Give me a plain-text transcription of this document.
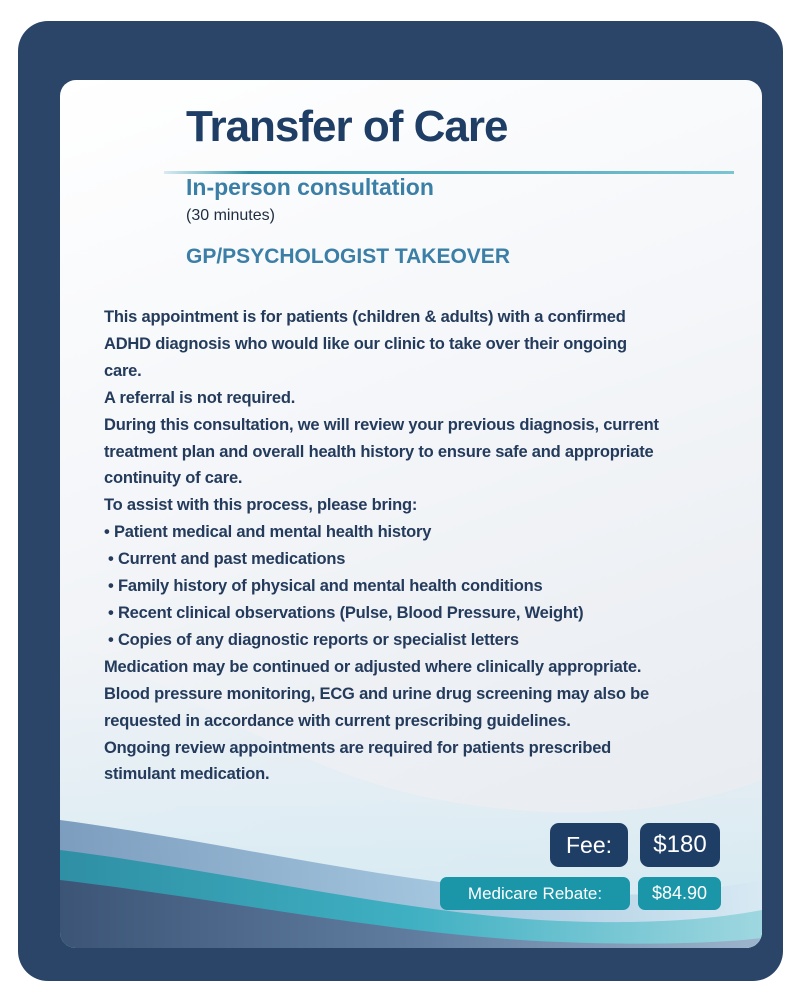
Transfer of Care
In-person consultation

(30 minutes)

GP/PSYCHOLOGIST TAKEOVER
This appointment is for patients (children & adults) with a confirmed
ADHD diagnosis who would like our clinic to take over their ongoing
care.
A referral is not required.
During this consultation, we will review your previous diagnosis, current
treatment plan and overall health history to ensure safe and appropriate
continuity of care.
To assist with this process, please bring:
• Patient medical and mental health history
• Current and past medications
• Family history of physical and mental health conditions
• Recent clinical observations (Pulse, Blood Pressure, Weight)
• Copies of any diagnostic reports or specialist letters
Medication may be continued or adjusted where clinically appropriate.
Blood pressure monitoring, ECG and urine drug screening may also be
requested in accordance with current prescribing guidelines.
Ongoing review appointments are required for patients prescribed
stimulant medication.
Fee:	$180
Medicare Rebate:	$84.90
